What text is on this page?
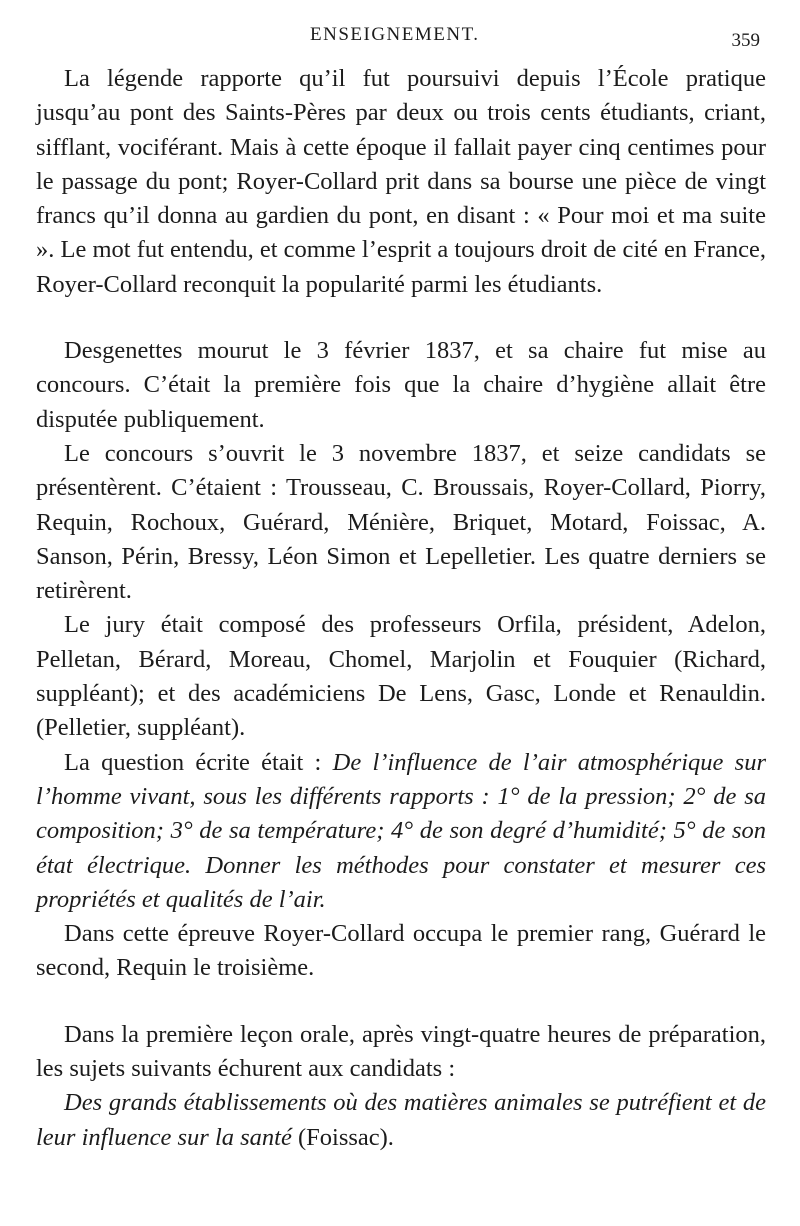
ENSEIGNEMENT.	359

La légende rapporte qu’il fut poursuivi depuis l’École pratique jusqu’au pont des Saints-Pères par deux ou trois cents étudiants, criant, sifflant, vociférant. Mais à cette époque il fallait payer cinq centimes pour le passage du pont; Royer-Collard prit dans sa bourse une pièce de vingt francs qu’il donna au gardien du pont, en disant : « Pour moi et ma suite ». Le mot fut entendu, et comme l’esprit a toujours droit de cité en France, Royer-Collard reconquit la popularité parmi les étudiants.

Desgenettes mourut le 3 février 1837, et sa chaire fut mise au concours. C’était la première fois que la chaire d’hygiène allait être disputée publiquement.

Le concours s’ouvrit le 3 novembre 1837, et seize candidats se présentèrent. C’étaient : Trousseau, C. Broussais, Royer-Collard, Piorry, Requin, Rochoux, Guérard, Ménière, Briquet, Motard, Foissac, A. Sanson, Périn, Bressy, Léon Simon et Lepelletier. Les quatre derniers se retirèrent.

Le jury était composé des professeurs Orfila, président, Adelon, Pelletan, Bérard, Moreau, Chomel, Marjolin et Fouquier (Richard, suppléant); et des académiciens De Lens, Gasc, Londe et Renauldin. (Pelletier, suppléant).

La question écrite était : De l’influence de l’air atmosphérique sur l’homme vivant, sous les différents rapports : 1° de la pression; 2° de sa composition; 3° de sa température; 4° de son degré d’humidité; 5° de son état électrique. Donner les méthodes pour constater et mesurer ces propriétés et qualités de l’air.

Dans cette épreuve Royer-Collard occupa le premier rang, Guérard le second, Requin le troisième.

Dans la première leçon orale, après vingt-quatre heures de préparation, les sujets suivants échurent aux candidats :

Des grands établissements où des matières animales se putréfient et de leur influence sur la santé (Foissac).
